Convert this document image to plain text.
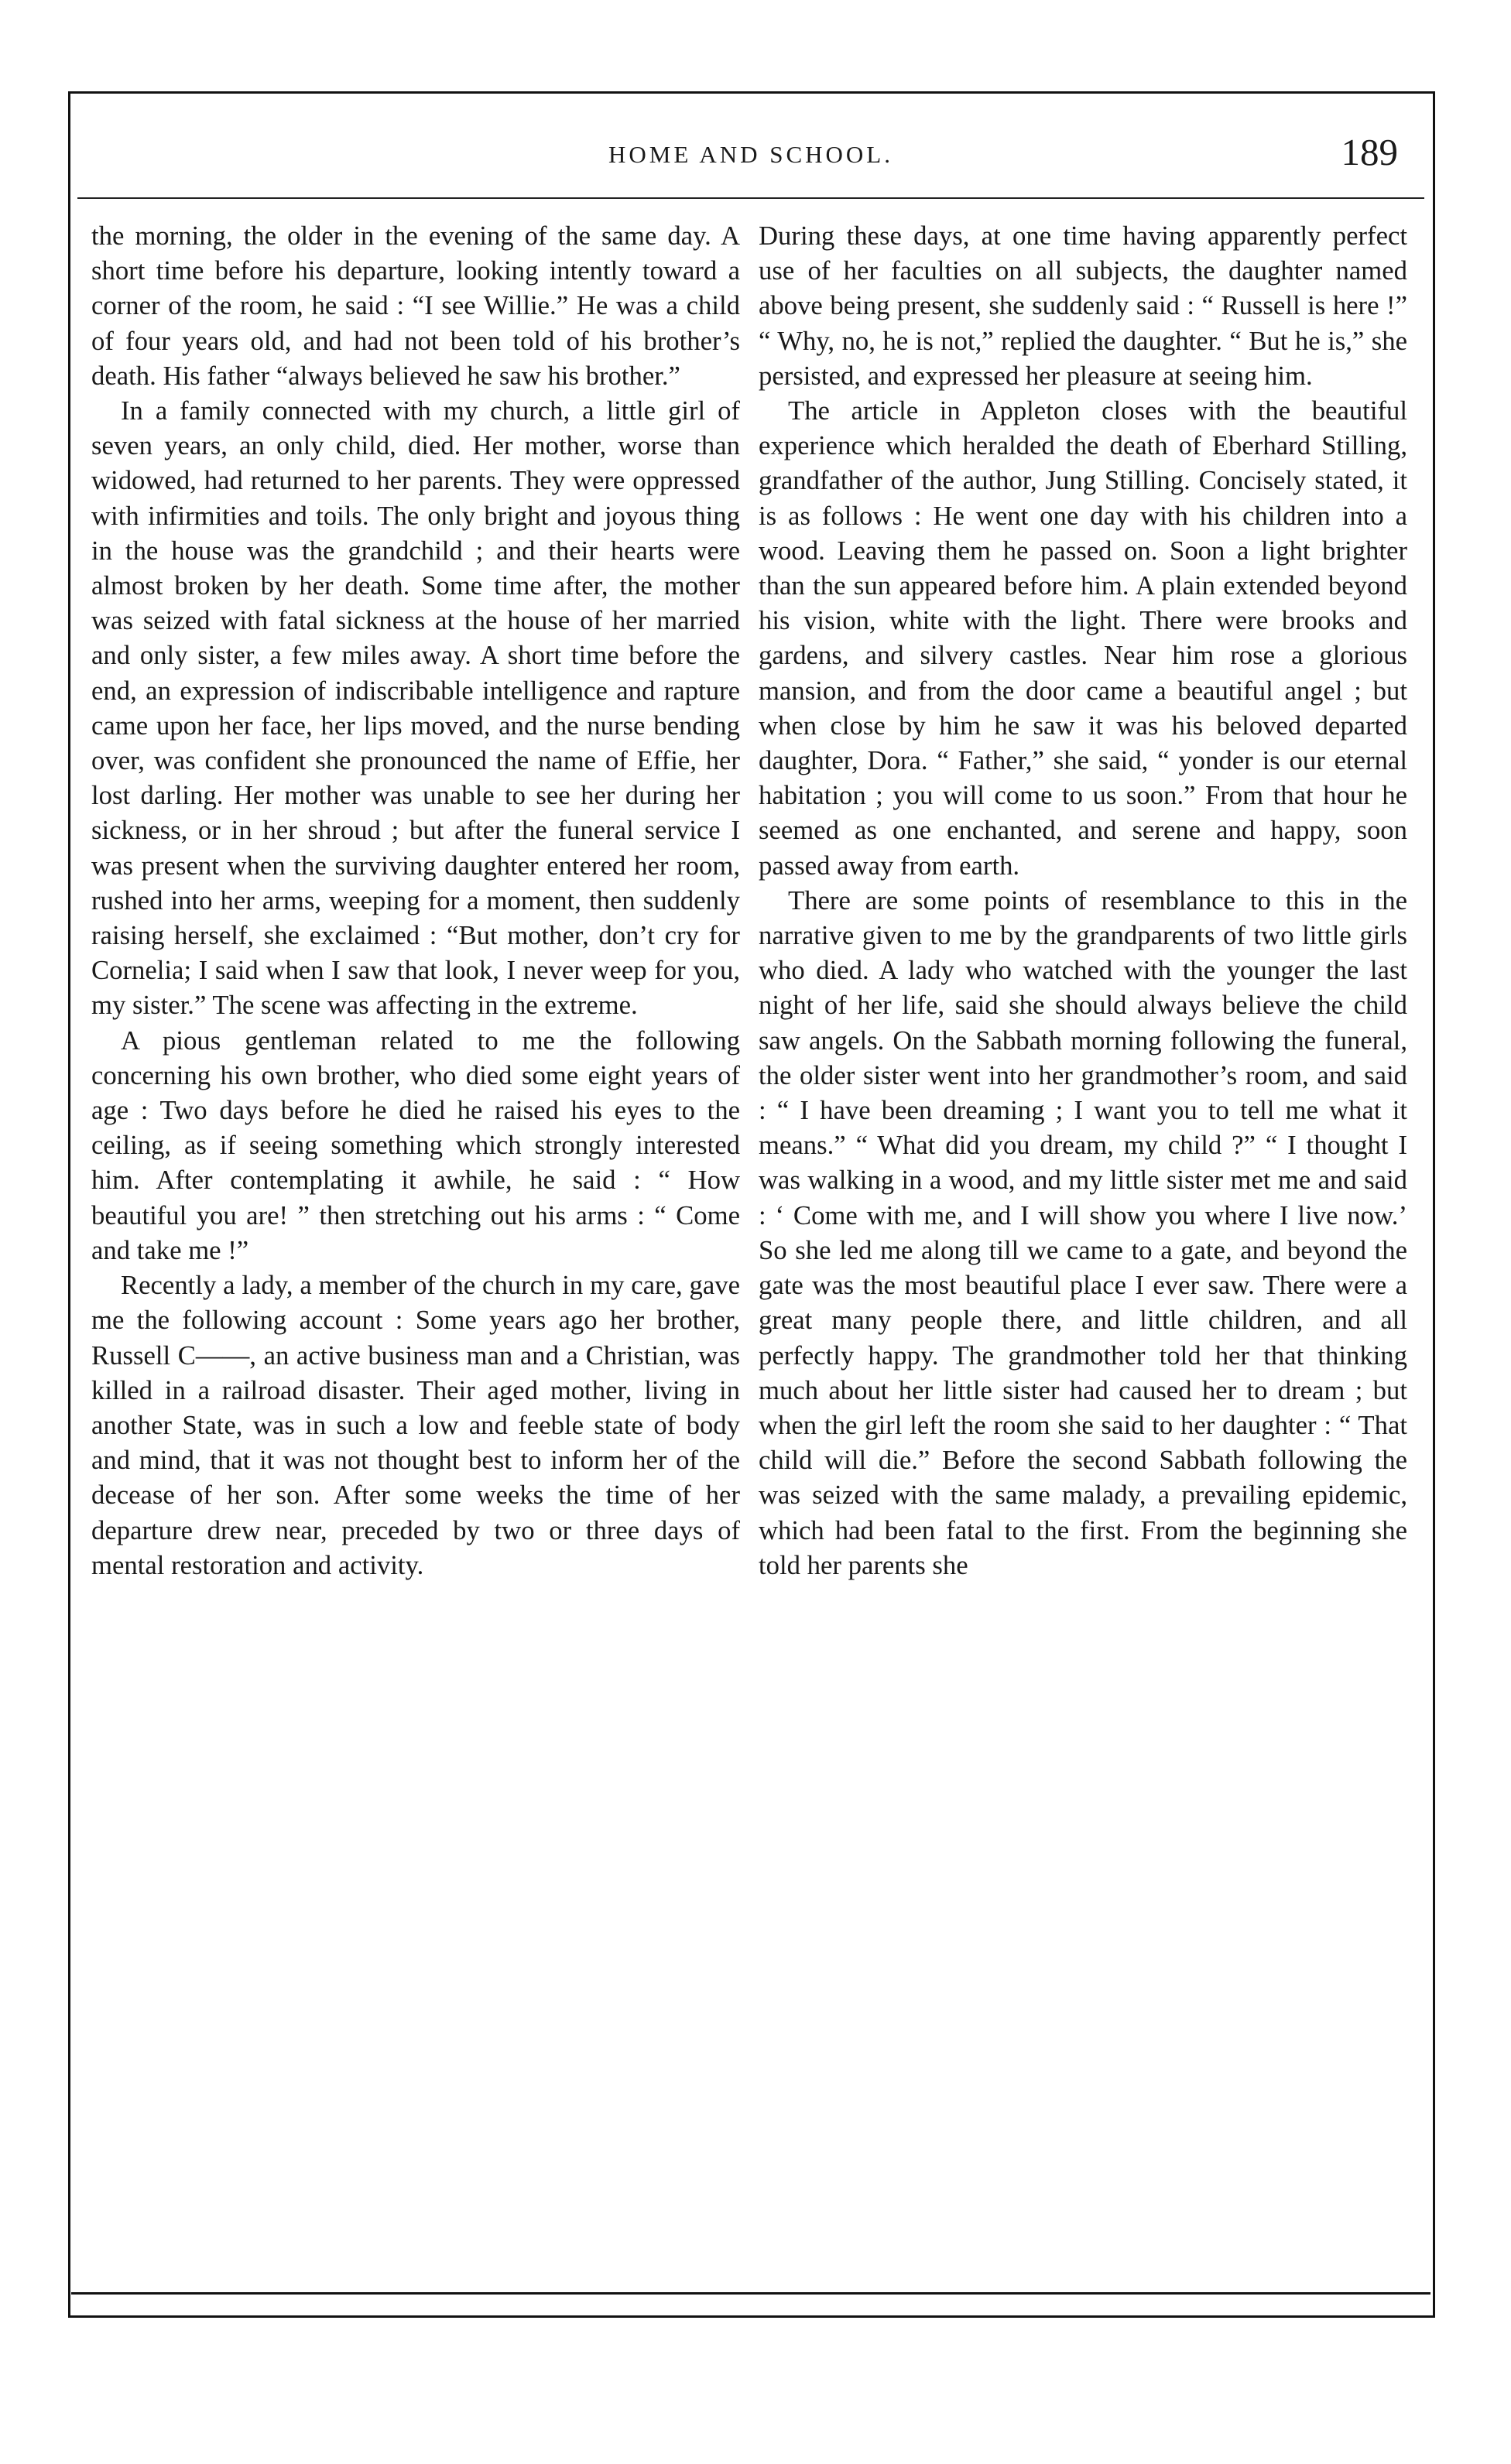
HOME AND SCHOOL.	189

the morning, the older in the evening of the same day. A short time before his departure, looking intently toward a corner of the room, he said : “I see Willie.” He was a child of four years old, and had not been told of his brother’s death. His father “always believed he saw his brother.”

In a family connected with my church, a little girl of seven years, an only child, died. Her mother, worse than widowed, had returned to her parents. They were oppressed with infirmities and toils. The only bright and joyous thing in the house was the grandchild ; and their hearts were almost broken by her death. Some time after, the mother was seized with fatal sickness at the house of her married and only sister, a few miles away. A short time before the end, an expression of indiscribable intelligence and rapture came upon her face, her lips moved, and the nurse bending over, was confident she pronounced the name of Effie, her lost darling. Her mother was unable to see her during her sickness, or in her shroud ; but after the funeral service I was present when the surviving daughter entered her room, rushed into her arms, weeping for a moment, then suddenly raising herself, she exclaimed : “But mother, don’t cry for Cornelia; I said when I saw that look, I never weep for you, my sister.” The scene was affecting in the extreme.

A pious gentleman related to me the following concerning his own brother, who died some eight years of age : Two days before he died he raised his eyes to the ceiling, as if seeing something which strongly interested him. After contemplating it awhile, he said : “ How beautiful you are! ” then stretching out his arms : “ Come and take me !”

Recently a lady, a member of the church in my care, gave me the following account : Some years ago her brother, Russell C——, an active business man and a Christian, was killed in a railroad disaster. Their aged mother, living in another State, was in such a low and feeble state of body and mind, that it was not thought best to inform her of the decease of her son. After some weeks the time of her departure drew near, preceded by two or three days of mental restoration and activity.

During these days, at one time having apparently perfect use of her faculties on all subjects, the daughter named above being present, she suddenly said : “ Russell is here !” “ Why, no, he is not,” replied the daughter. “ But he is,” she persisted, and expressed her pleasure at seeing him.

The article in Appleton closes with the beautiful experience which heralded the death of Eberhard Stilling, grandfather of the author, Jung Stilling. Concisely stated, it is as follows : He went one day with his children into a wood. Leaving them he passed on. Soon a light brighter than the sun appeared before him. A plain extended beyond his vision, white with the light. There were brooks and gardens, and silvery castles. Near him rose a glorious mansion, and from the door came a beautiful angel ; but when close by him he saw it was his beloved departed daughter, Dora. “ Father,” she said, “ yonder is our eternal habitation ; you will come to us soon.” From that hour he seemed as one enchanted, and serene and happy, soon passed away from earth.

There are some points of resemblance to this in the narrative given to me by the grandparents of two little girls who died. A lady who watched with the younger the last night of her life, said she should always believe the child saw angels. On the Sabbath morning following the funeral, the older sister went into her grandmother’s room, and said : “ I have been dreaming ; I want you to tell me what it means.” “ What did you dream, my child ?” “ I thought I was walking in a wood, and my little sister met me and said : ‘ Come with me, and I will show you where I live now.’ So she led me along till we came to a gate, and beyond the gate was the most beautiful place I ever saw. There were a great many people there, and little children, and all perfectly happy. The grandmother told her that thinking much about her little sister had caused her to dream ; but when the girl left the room she said to her daughter : “ That child will die.” Before the second Sabbath following the was seized with the same malady, a prevailing epidemic, which had been fatal to the first. From the beginning she told her parents she
